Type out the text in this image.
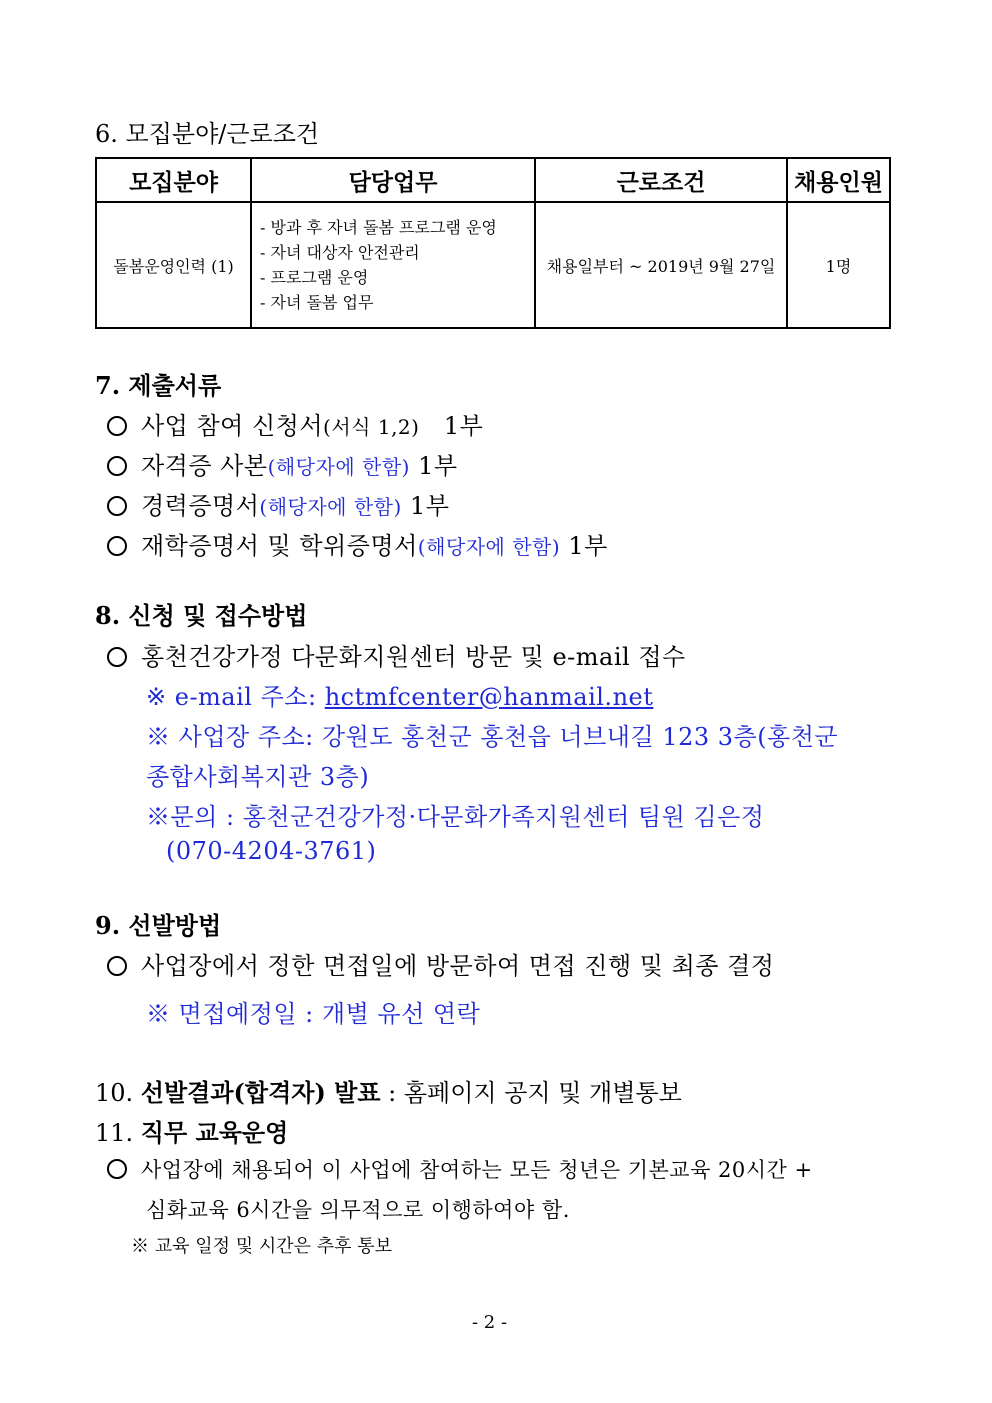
6. 모집분야/근로조건
모집분야	담당업무	근로조건	채용인원
돌봄운영인력 (1)	- 방과 후 자녀 돌봄 프로그램 운영
- 자녀 대상자 안전관리
- 프로그램 운영
- 자녀 돌봄 업무	채용일부터 ~ 2019년 9월 27일	1명
7. 제출서류
사업 참여 신청서(서식 1,2) 1부
자격증 사본(해당자에 한함) 1부
경력증명서(해당자에 한함) 1부
재학증명서 및 학위증명서(해당자에 한함) 1부
8. 신청 및 접수방법
홍천건강가정 다문화지원센터 방문 및 e-mail 접수
※ e-mail 주소: hctmfcenter@hanmail.net
※ 사업장 주소: 강원도 홍천군 홍천읍 너브내길 123 3층(홍천군
종합사회복지관 3층)
※문의 : 홍천군건강가정·다문화가족지원센터 팀원 김은정
(070-4204-3761)
9. 선발방법
사업장에서 정한 면접일에 방문하여 면접 진행 및 최종 결정
※ 면접예정일 : 개별 유선 연락
10. 선발결과(합격자) 발표 : 홈페이지 공지 및 개별통보
11. 직무 교육운영
사업장에 채용되어 이 사업에 참여하는 모든 청년은 기본교육 20시간 +
심화교육 6시간을 의무적으로 이행하여야 함.
※ 교육 일정 및 시간은 추후 통보
- 2 -
